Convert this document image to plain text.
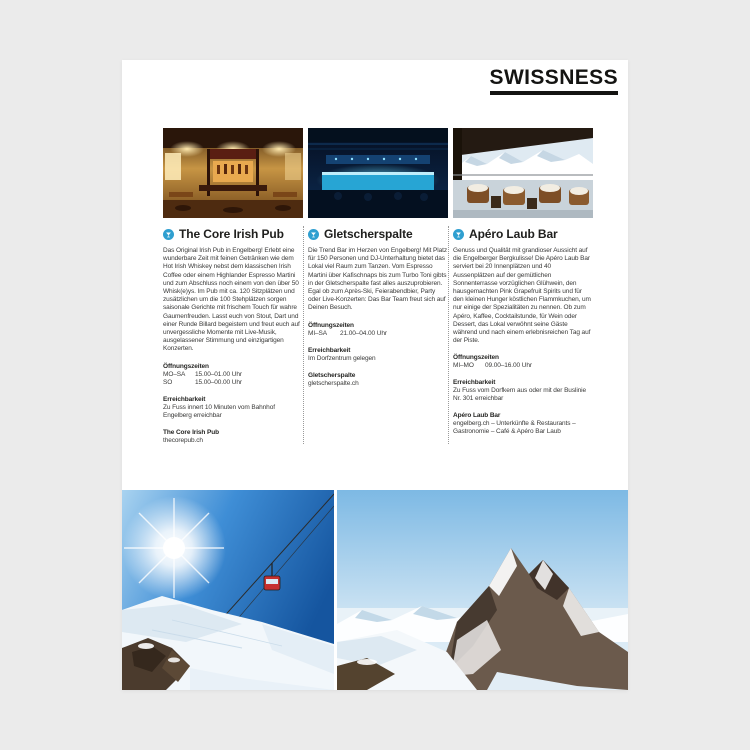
SWISSNESS
The Core Irish Pub

Das Original Irish Pub in Engelberg! Erlebt eine wunderbare Zeit mit feinen Getränken wie dem Hot Irish Whiskey nebst dem klassischen Irish Coffee oder einem Highlander Espresso Martini und zum Abschluss noch einem von den über 50 Whisk(e)ys. Im Pub mit ca. 120 Sitzplätzen und zusätzlichen um die 100 Stehplätzen sorgen saisonale Gerichte mit frischem Touch für wahre Gaumenfreuden. Lasst euch von Stout, Dart und einer Runde Billard begeistern und freut euch auf unvergessliche Momente mit Live-Musik, ausgelassener Stimmung und einzigartigen Konzerten.

Öffnungszeiten
MO–SA	15.00–01.00 Uhr
SO	15.00–00.00 Uhr
Erreichbarkeit
Zu Fuss innert 10 Minuten vom Bahnhof Engelberg erreichbar
The Core Irish Pub
thecorepub.ch
Gletscherspalte

Die Trend Bar im Herzen von Engelberg! Mit Platz für 150 Personen und DJ-Unterhaltung bietet das Lokal viel Raum zum Tanzen. Vom Espresso Martini über Kafischnaps bis zum Turbo Toni gibts in der Gletscherspalte fast alles auszuprobieren. Egal ob zum Après-Ski, Feierabendbier, Party oder Live-Konzerten: Das Bar Team freut sich auf Deinen Besuch.

Öffnungszeiten
MI–SA	21.00–04.00 Uhr
Erreichbarkeit
Im Dorfzentrum gelegen
Gletscherspalte
gletscherspalte.ch
Apéro Laub Bar

Genuss und Qualität mit grandioser Aussicht auf die Engelberger Bergkulisse! Die Apéro Laub Bar serviert bei 20 Innenplätzen und 40 Aussenplätzen auf der gemütlichen Sonnenterrasse vorzüglichen Glühwein, den hausgemachten Pink Grapefruit Spirits und für den kleinen Hunger köstlichen Flammkuchen, um nur einige der Spezialitäten zu nennen. Ob zum Apéro, Kaffee, Cocktailstunde, für Wein oder Dessert, das Lokal verwöhnt seine Gäste während und nach einem erlebnisreichen Tag auf der Piste.

Öffnungszeiten
MI–MO	09.00–16.00 Uhr
Erreichbarkeit
Zu Fuss vom Dorfkern aus oder mit der Buslinie Nr. 301 erreichbar
Apéro Laub Bar
engelberg.ch – Unterkünfte & Restaurants – Gastronomie – Café & Apéro Bar Laub
